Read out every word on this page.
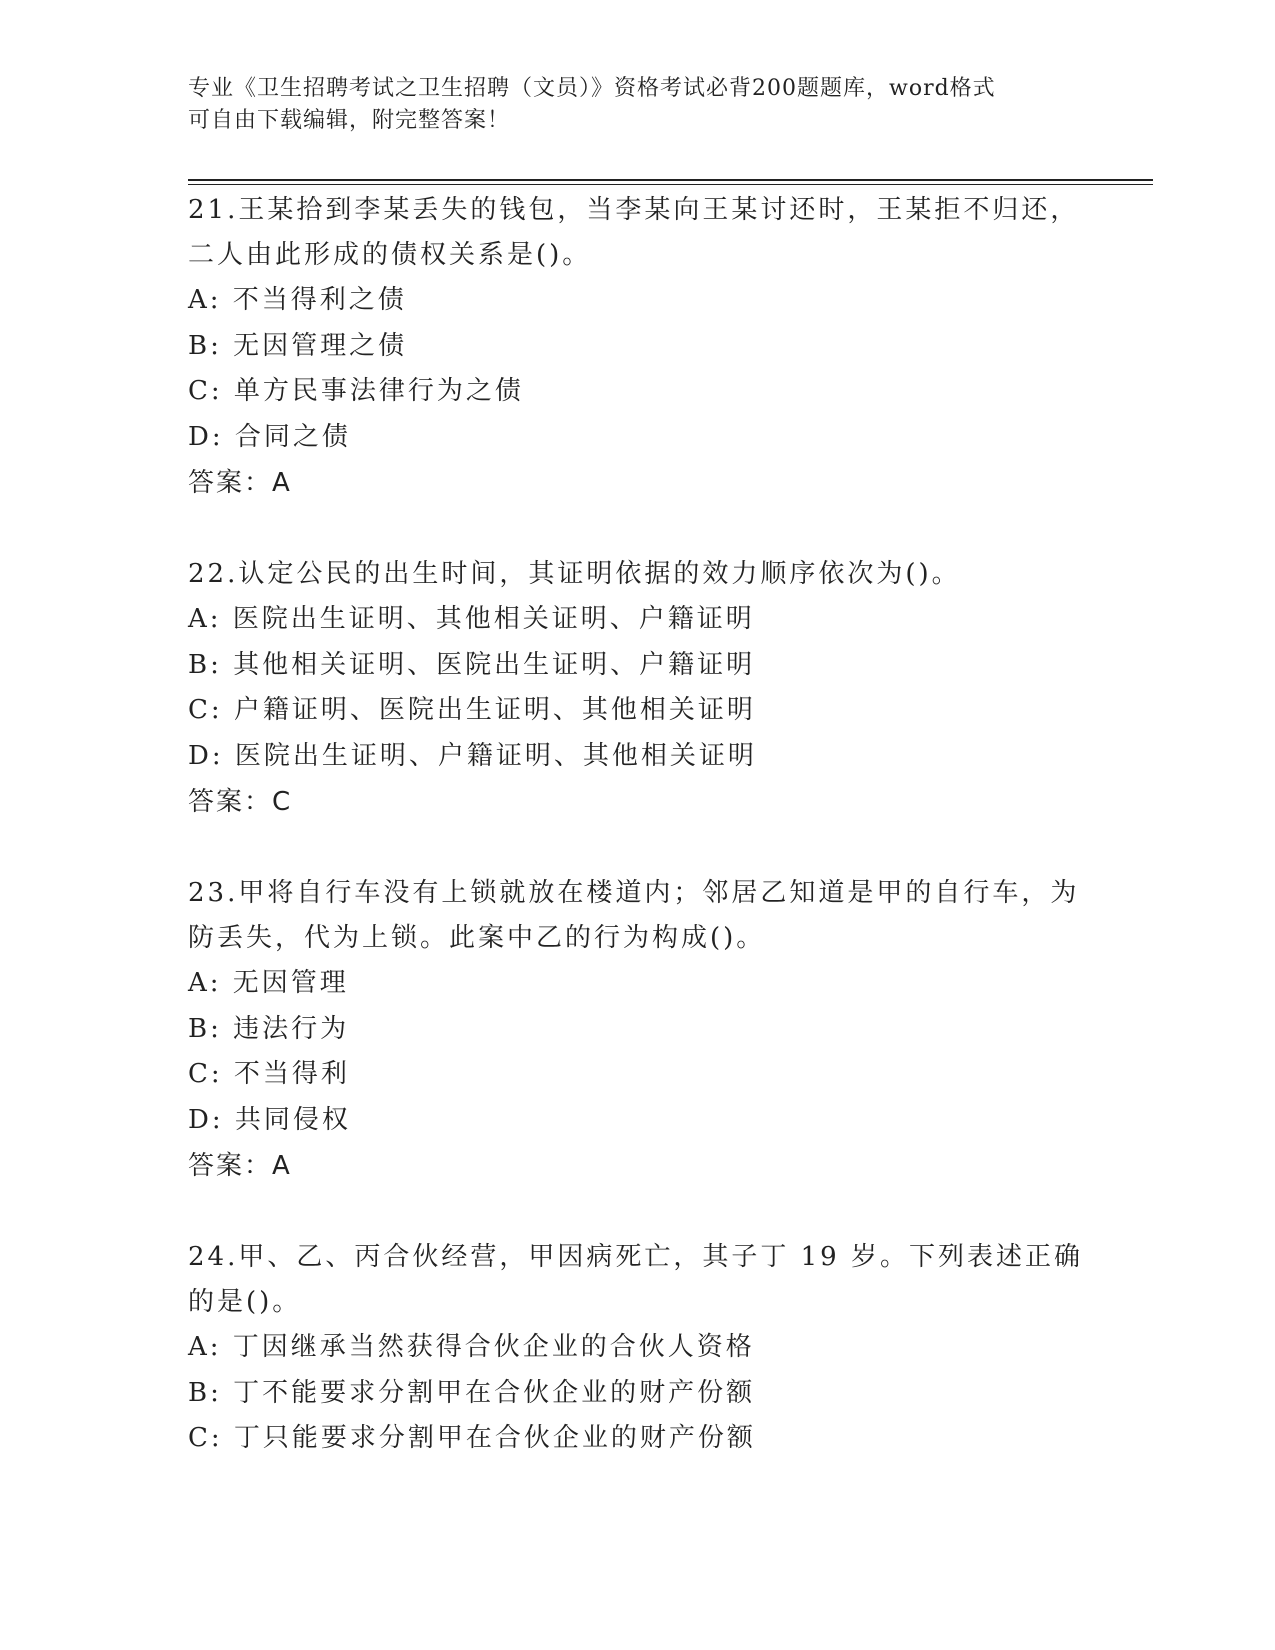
专业《卫生招聘考试之卫生招聘（文员）》资格考试必背200题题库，word格式
可自由下载编辑，附完整答案！
21.王某拾到李某丢失的钱包，当李某向王某讨还时，王某拒不归还，
二人由此形成的债权关系是()。
A: 不当得利之债
B: 无因管理之债
C: 单方民事法律行为之债
D: 合同之债
答案：A
22.认定公民的出生时间，其证明依据的效力顺序依次为()。
A: 医院出生证明、其他相关证明、户籍证明
B: 其他相关证明、医院出生证明、户籍证明
C: 户籍证明、医院出生证明、其他相关证明
D: 医院出生证明、户籍证明、其他相关证明
答案：C
23.甲将自行车没有上锁就放在楼道内；邻居乙知道是甲的自行车，为
防丢失，代为上锁。此案中乙的行为构成()。
A: 无因管理
B: 违法行为
C: 不当得利
D: 共同侵权
答案：A
24.甲、乙、丙合伙经营，甲因病死亡，其子丁 19 岁。下列表述正确
的是()。
A: 丁因继承当然获得合伙企业的合伙人资格
B: 丁不能要求分割甲在合伙企业的财产份额
C: 丁只能要求分割甲在合伙企业的财产份额
